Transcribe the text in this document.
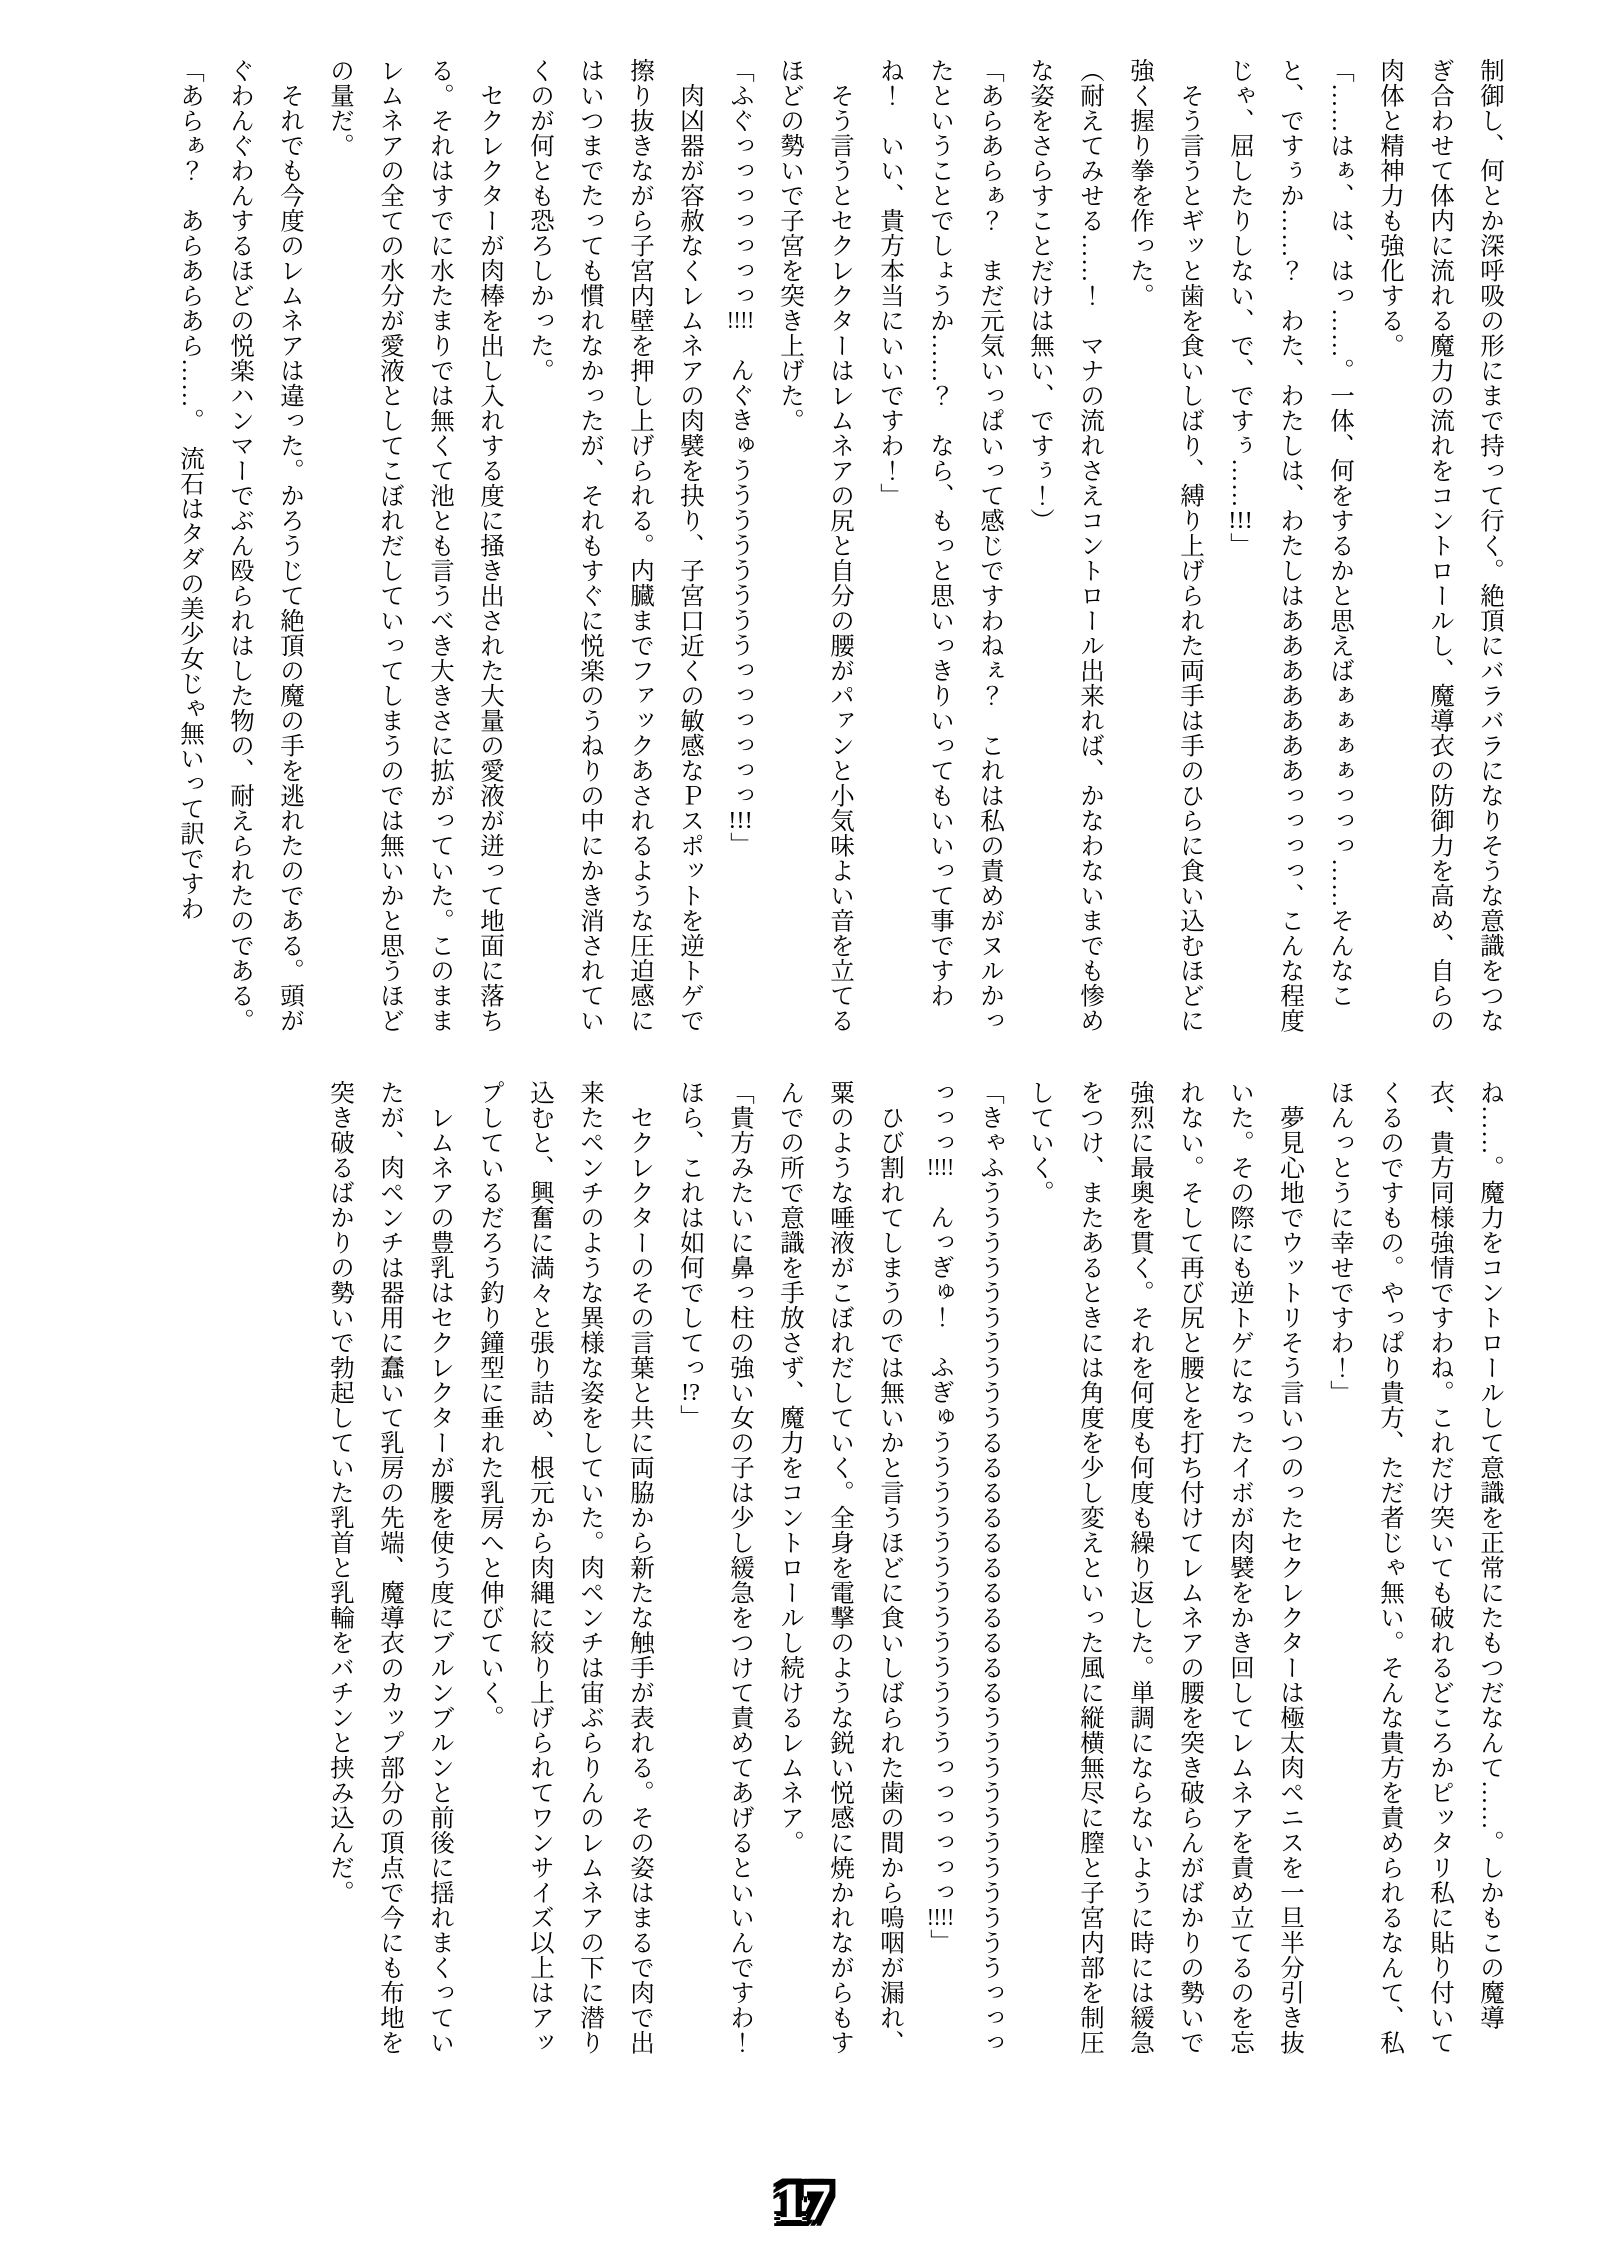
制御し、何とか深呼吸の形にまで持って行く。絶頂にバラバラになりそうな意識をつなぎ合わせて体内に流れる魔力の流れをコントロールし、魔導衣の防御力を高め、自らの肉体と精神力も強化する。

「……はぁ、は、はっ……。一体、何をするかと思えばぁぁぁぁっっっ……そんなこと、ですぅか……？　わた、わたしは、わたしはあああああああっっっっ、こんな程度じゃ、屈したりしない、で、ですぅ……!!!」

そう言うとギッと歯を食いしばり、縛り上げられた両手は手のひらに食い込むほどに強く握り拳を作った。

（耐えてみせる……！　マナの流れさえコントロール出来れば、かなわないまでも惨めな姿をさらすことだけは無い、ですぅ！）

「あらあらぁ？　まだ元気いっぱいって感じですわねぇ？　これは私の責めがヌルかったということでしょうか……？　なら、もっと思いっきりいってもいいって事ですわね！　いい、貴方本当にいいですわ！」

そう言うとセクレクターはレムネアの尻と自分の腰がパァンと小気味よい音を立てるほどの勢いで子宮を突き上げた。

「ふぐっっっっっっっ!!!!　んぐきゅううううううううっっっっっっ!!!」

肉凶器が容赦なくレムネアの肉襞を抉り、子宮口近くの敏感なＰスポットを逆トゲで擦り抜きながら子宮内壁を押し上げられる。内臓までファックあされるような圧迫感にはいつまでたっても慣れなかったが、それもすぐに悦楽のうねりの中にかき消されていくのが何とも恐ろしかった。

セクレクターが肉棒を出し入れする度に掻き出された大量の愛液が迸って地面に落ちる。それはすでに水たまりでは無くて池とも言うべき大きさに拡がっていた。このままレムネアの全ての水分が愛液としてこぼれだしていってしまうのでは無いかと思うほどの量だ。

それでも今度のレムネアは違った。かろうじて絶頂の魔の手を逃れたのである。頭がぐわんぐわんするほどの悦楽ハンマーでぶん殴られはした物の、耐えられたのである。

「あらぁ？　あらあらあら……。　流石はタダの美少女じゃ無いって訳ですわ

ね……。魔力をコントロールして意識を正常にたもつだなんて……。しかもこの魔導衣、貴方同様強情ですわね。これだけ突いても破れるどころかピッタリ私に貼り付いてくるのですもの。やっぱり貴方、ただ者じゃ無い。そんな貴方を責められるなんて、私ほんっとうに幸せですわ！」

夢見心地でウットリそう言いつのったセクレクターは極太肉ペニスを一旦半分引き抜いた。その際にも逆トゲになったイボが肉襞をかき回してレムネアを責め立てるのを忘れない。そして再び尻と腰とを打ち付けてレムネアの腰を突き破らんがばかりの勢いで強烈に最奥を貫く。それを何度も何度も繰り返した。単調にならないように時には緩急をつけ、またあるときには角度を少し変えといった風に縦横無尽に膣と子宮内部を制圧していく。

「きゃふううううううううううるるるるるるるるるるるうううううううううううっっっっっっ!!!!　んっぎゅ！　ふぎゅうううううううううううううっっっっっっ!!!!」

ひび割れてしまうのでは無いかと言うほどに食いしばられた歯の間から嗚咽が漏れ、粟のような唾液がこぼれだしていく。全身を電撃のような鋭い悦感に焼かれながらもすんでの所で意識を手放さず、魔力をコントロールし続けるレムネア。

「貴方みたいに鼻っ柱の強い女の子は少し緩急をつけて責めてあげるといいんですわ！　ほら、これは如何でしてっ!?」

セクレクターのその言葉と共に両脇から新たな触手が表れる。その姿はまるで肉で出来たペンチのような異様な姿をしていた。肉ペンチは宙ぶらりんのレムネアの下に潜り込むと、興奮に満々と張り詰め、根元から肉縄に絞り上げられてワンサイズ以上はアップしているだろう釣り鐘型に垂れた乳房へと伸びていく。

レムネアの豊乳はセクレクターが腰を使う度にブルンブルンと前後に揺れまくっていたが、肉ペンチは器用に蠢いて乳房の先端、魔導衣のカップ部分の頂点で今にも布地を突き破るばかりの勢いで勃起していた乳首と乳輪をバチンと挟み込んだ。

17
